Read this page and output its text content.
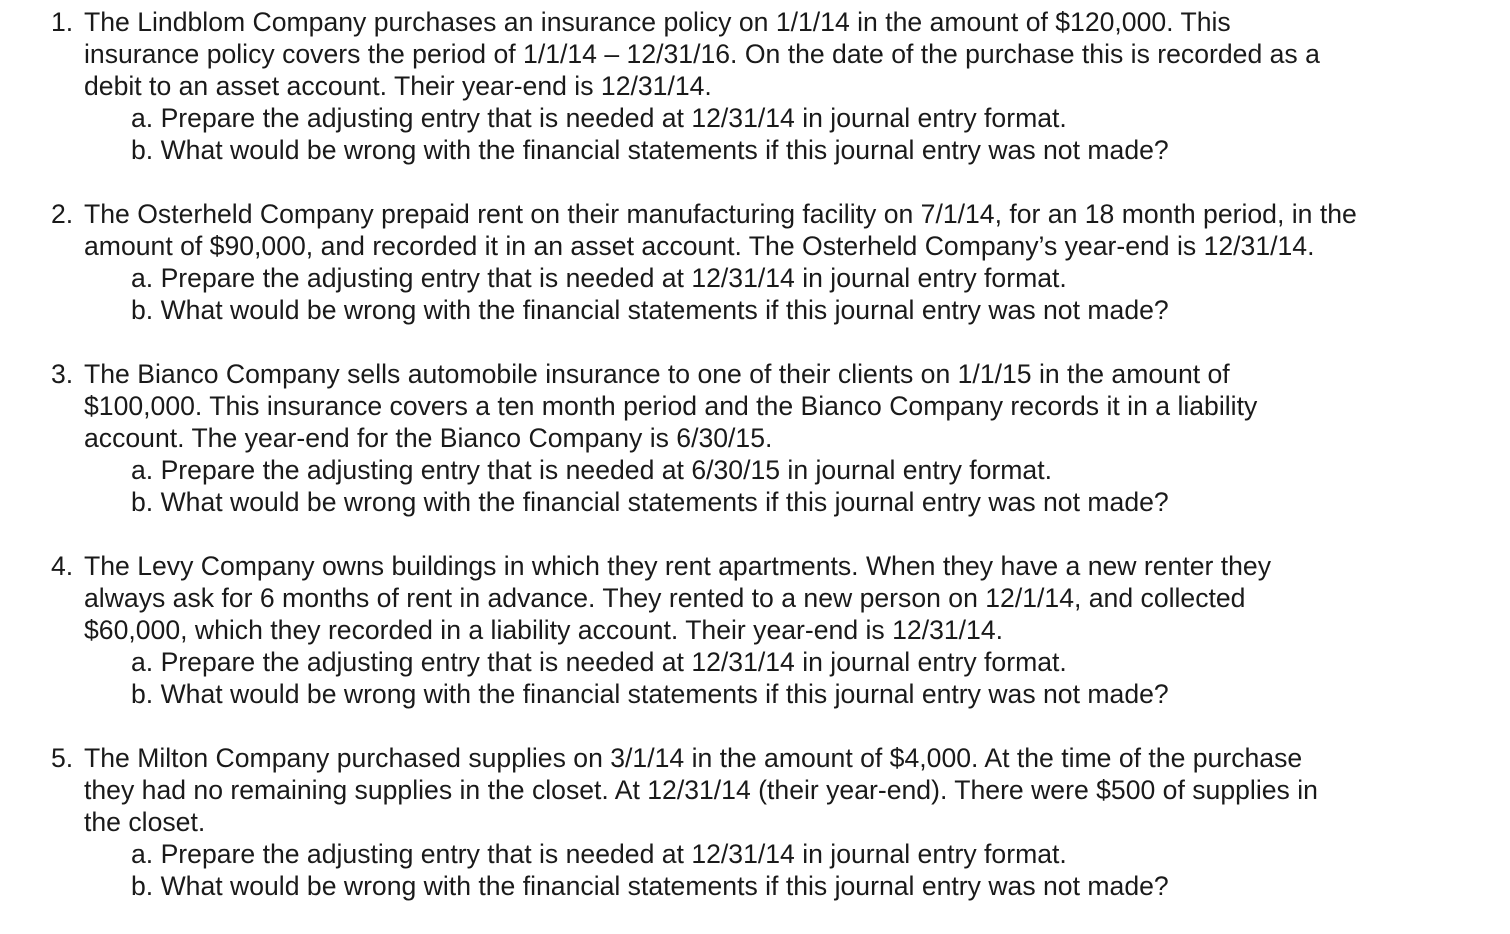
1. The Lindblom Company purchases an insurance policy on 1/1/14 in the amount of $120,000. This
insurance policy covers the period of 1/1/14 – 12/31/16. On the date of the purchase this is recorded as a
debit to an asset account. Their year-end is 12/31/14.
a. Prepare the adjusting entry that is needed at 12/31/14 in journal entry format.
b. What would be wrong with the financial statements if this journal entry was not made?
2. The Osterheld Company prepaid rent on their manufacturing facility on 7/1/14, for an 18 month period, in the
amount of $90,000, and recorded it in an asset account. The Osterheld Company’s year-end is 12/31/14.
a. Prepare the adjusting entry that is needed at 12/31/14 in journal entry format.
b. What would be wrong with the financial statements if this journal entry was not made?
3. The Bianco Company sells automobile insurance to one of their clients on 1/1/15 in the amount of
$100,000. This insurance covers a ten month period and the Bianco Company records it in a liability
account. The year-end for the Bianco Company is 6/30/15.
a. Prepare the adjusting entry that is needed at 6/30/15 in journal entry format.
b. What would be wrong with the financial statements if this journal entry was not made?
4. The Levy Company owns buildings in which they rent apartments. When they have a new renter they
always ask for 6 months of rent in advance. They rented to a new person on 12/1/14, and collected
$60,000, which they recorded in a liability account. Their year-end is 12/31/14.
a. Prepare the adjusting entry that is needed at 12/31/14 in journal entry format.
b. What would be wrong with the financial statements if this journal entry was not made?
5. The Milton Company purchased supplies on 3/1/14 in the amount of $4,000. At the time of the purchase
they had no remaining supplies in the closet. At 12/31/14 (their year-end). There were $500 of supplies in
the closet.
a. Prepare the adjusting entry that is needed at 12/31/14 in journal entry format.
b. What would be wrong with the financial statements if this journal entry was not made?
